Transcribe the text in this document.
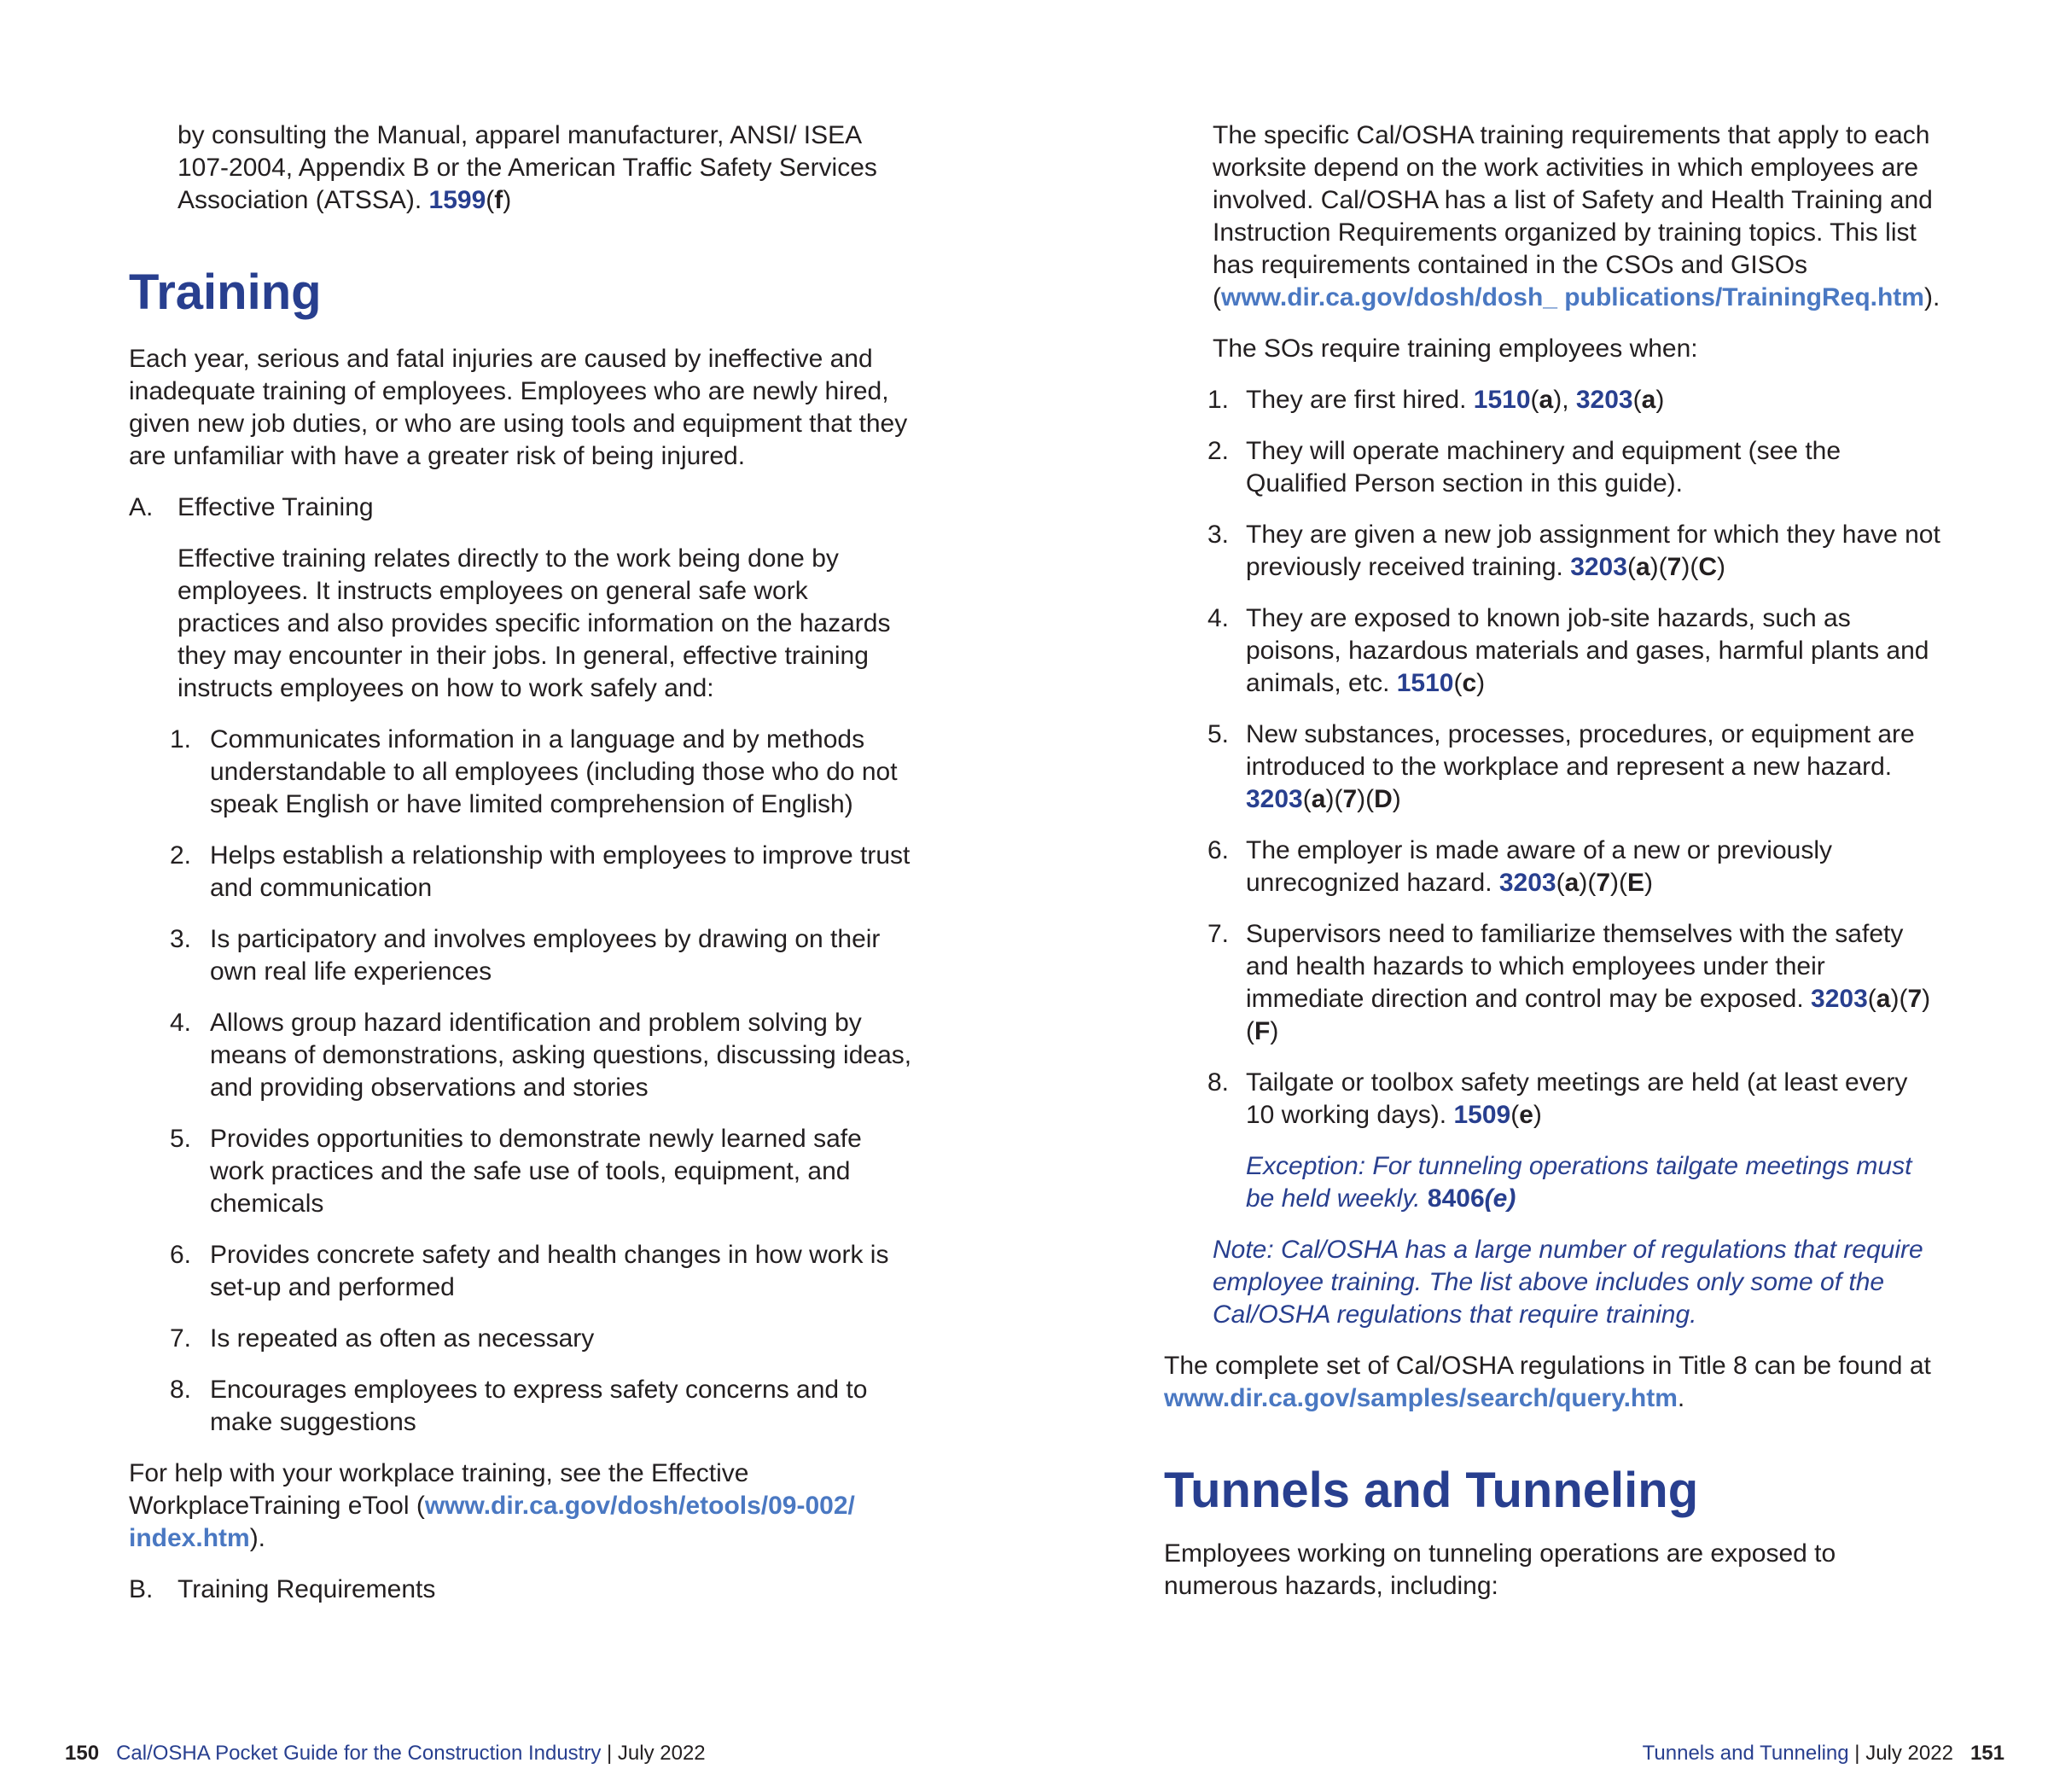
by consulting the Manual, apparel manufacturer, ANSI/ ISEA 107-2004, Appendix B or the American Traffic Safety Services Association (ATSSA). 1599(f)

Training

Each year, serious and fatal injuries are caused by ineffective and inadequate training of employees. Employees who are newly hired, given new job duties, or who are using tools and equipment that they are unfamiliar with have a greater risk of being injured.

A. Effective Training

Effective training relates directly to the work being done by employees. It instructs employees on general safe work practices and also provides specific information on the hazards they may encounter in their jobs. In general, effective training instructs employees on how to work safely and:

1. Communicates information in a language and by methods understandable to all employees (including those who do not speak English or have limited comprehension of English)
2. Helps establish a relationship with employees to improve trust and communication
3. Is participatory and involves employees by drawing on their own real life experiences
4. Allows group hazard identification and problem solving by means of demonstrations, asking questions, discussing ideas, and providing observations and stories
5. Provides opportunities to demonstrate newly learned safe work practices and the safe use of tools, equipment, and chemicals
6. Provides concrete safety and health changes in how work is set-up and performed
7. Is repeated as often as necessary
8. Encourages employees to express safety concerns and to make suggestions

For help with your workplace training, see the Effective WorkplaceTraining eTool (www.dir.ca.gov/dosh/etools/09-002/ index.htm).

B. Training Requirements

The specific Cal/OSHA training requirements that apply to each worksite depend on the work activities in which employees are involved. Cal/OSHA has a list of Safety and Health Training and Instruction Requirements organized by training topics. This list has requirements contained in the CSOs and GISOs (www.dir.ca.gov/dosh/dosh_ publications/TrainingReq.htm).

The SOs require training employees when:

1. They are first hired. 1510(a), 3203(a)
2. They will operate machinery and equipment (see the Qualified Person section in this guide).
3. They are given a new job assignment for which they have not previously received training. 3203(a)(7)(C)
4. They are exposed to known job-site hazards, such as poisons, hazardous materials and gases, harmful plants and animals, etc. 1510(c)
5. New substances, processes, procedures, or equipment are introduced to the workplace and represent a new hazard. 3203(a)(7)(D)
6. The employer is made aware of a new or previously unrecognized hazard. 3203(a)(7)(E)
7. Supervisors need to familiarize themselves with the safety and health hazards to which employees under their immediate direction and control may be exposed. 3203(a)(7)(F)
8. Tailgate or toolbox safety meetings are held (at least every 10 working days). 1509(e)

Exception: For tunneling operations tailgate meetings must be held weekly. 8406(e)

Note: Cal/OSHA has a large number of regulations that require employee training. The list above includes only some of the Cal/OSHA regulations that require training.

The complete set of Cal/OSHA regulations in Title 8 can be found at www.dir.ca.gov/samples/search/query.htm.

Tunnels and Tunneling

Employees working on tunneling operations are exposed to numerous hazards, including:

150 Cal/OSHA Pocket Guide for the Construction Industry | July 2022	Tunnels and Tunneling | July 2022 151
